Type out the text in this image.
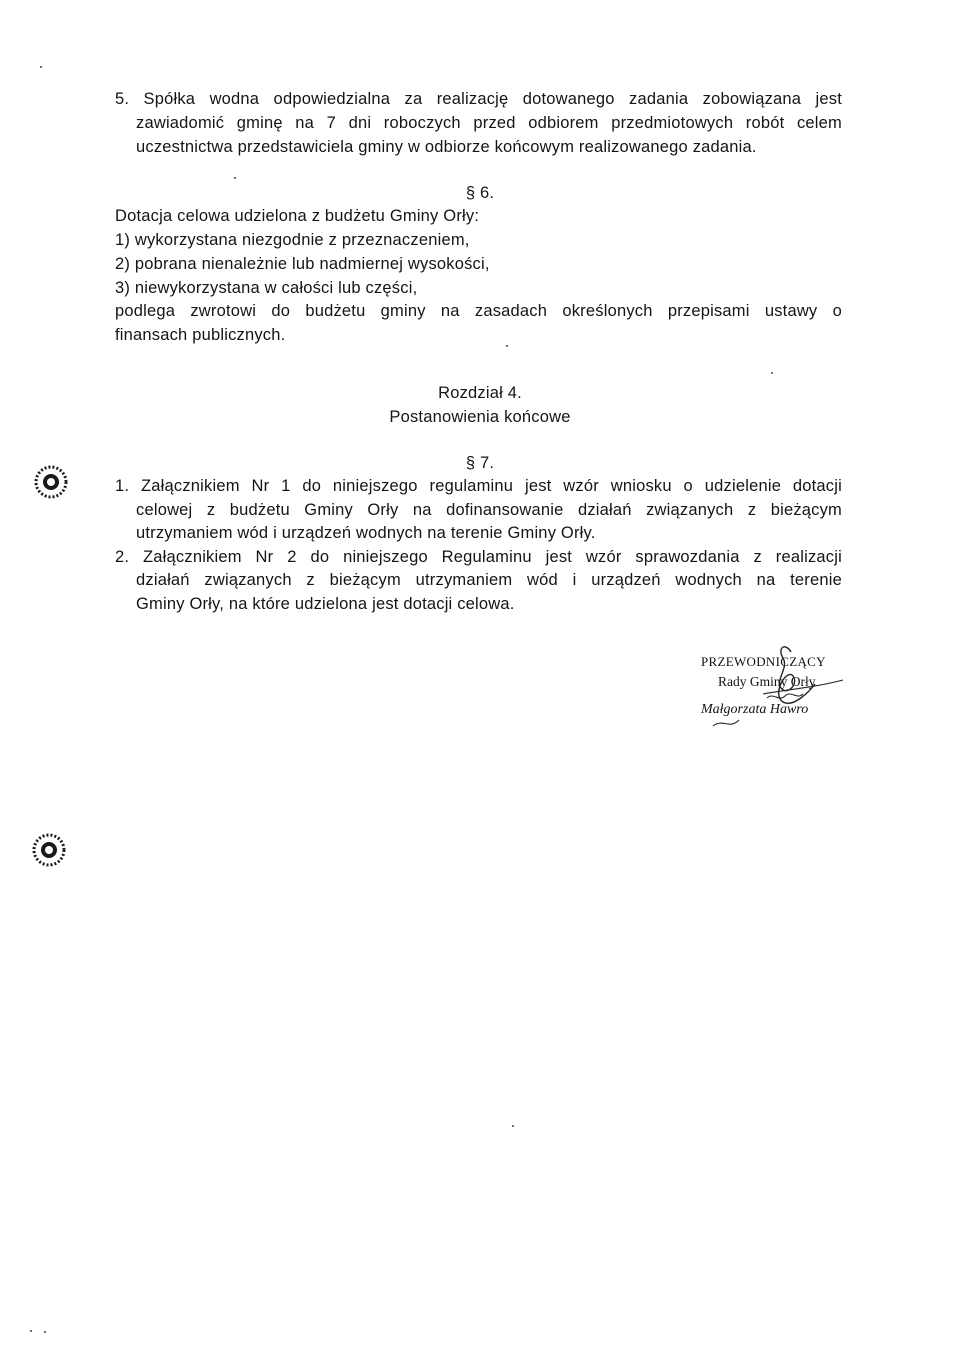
5. Spółka wodna odpowiedzialna za realizację dotowanego zadania zobowiązana jest
zawiadomić gminę na 7 dni roboczych przed odbiorem przedmiotowych robót celem
uczestnictwa przedstawiciela gminy w odbiorze końcowym realizowanego zadania.
§ 6.
Dotacja celowa udzielona z budżetu Gminy Orły:
1) wykorzystana niezgodnie z przeznaczeniem,
2) pobrana nienależnie lub nadmiernej wysokości,
3) niewykorzystana w całości lub części,
podlega zwrotowi do budżetu gminy na zasadach określonych przepisami ustawy o
finansach publicznych.
Rozdział 4.
Postanowienia końcowe
§ 7.
1. Załącznikiem Nr 1 do niniejszego regulaminu jest wzór wniosku o udzielenie dotacji
celowej z budżetu Gminy Orły na dofinansowanie działań związanych z bieżącym
utrzymaniem wód i urządzeń wodnych na terenie Gminy Orły.
2. Załącznikiem Nr 2 do niniejszego Regulaminu jest wzór sprawozdania z realizacji
działań związanych z bieżącym utrzymaniem wód i urządzeń wodnych na terenie
Gminy Orły, na które udzielona jest dotacji celowa.
PRZEWODNICZĄCY
Rady Gminy Orły
Małgorzata Hawro
